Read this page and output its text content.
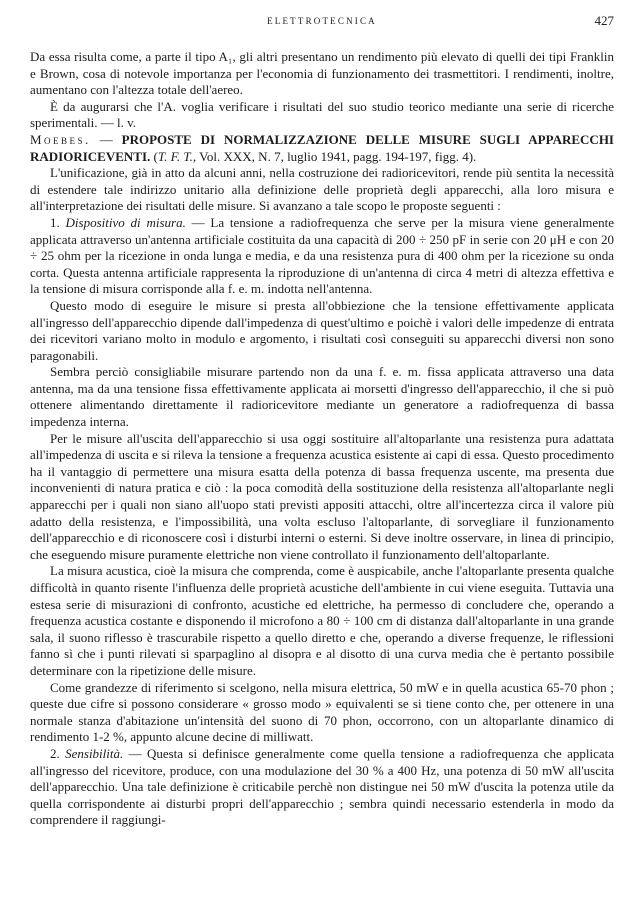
ELETTROTECNICA	427

Da essa risulta come, a parte il tipo A₁, gli altri presentano un rendimento più elevato di quelli dei tipi Franklin e Brown, cosa di notevole importanza per l'economia di funzionamento dei trasmettitori. I rendimenti, inoltre, aumentano con l'altezza totale dell'aereo.

È da augurarsi che l'A. voglia verificare i risultati del suo studio teorico mediante una serie di ricerche sperimentali. — l. v.

Moebes. — PROPOSTE DI NORMALIZZAZIONE DELLE MISURE SUGLI APPARECCHI RADIORICEVENTI. (T. F. T., Vol. XXX, N. 7, luglio 1941, pagg. 194-197, figg. 4).

L'unificazione, già in atto da alcuni anni, nella costruzione dei radioricevitori, rende più sentita la necessità di estendere tale indirizzo unitario alla definizione delle proprietà degli apparecchi, alla loro misura e all'interpretazione dei risultati delle misure. Si avanzano a tale scopo le proposte seguenti :

1. Dispositivo di misura. — La tensione a radiofrequenza che serve per la misura viene generalmente applicata attraverso un'antenna artificiale costituita da una capacità di 200 ÷ 250 pF in serie con 20 μH e con 20 ÷ 25 ohm per la ricezione in onda lunga e media, e da una resistenza pura di 400 ohm per la ricezione su onda corta. Questa antenna artificiale rappresenta la riproduzione di un'antenna di circa 4 metri di altezza effettiva e la tensione di misura corrisponde alla f. e. m. indotta nell'antenna.

Questo modo di eseguire le misure si presta all'obbiezione che la tensione effettivamente applicata all'ingresso dell'apparecchio dipende dall'impedenza di quest'ultimo e poichè i valori delle impedenze di entrata dei ricevitori variano molto in modulo e argomento, i risultati così conseguiti su apparecchi diversi non sono paragonabili.

Sembra perciò consigliabile misurare partendo non da una f. e. m. fissa applicata attraverso una data antenna, ma da una tensione fissa effettivamente applicata ai morsetti d'ingresso dell'apparecchio, il che si può ottenere alimentando direttamente il radioricevitore mediante un generatore a radiofrequenza di bassa impedenza interna.

Per le misure all'uscita dell'apparecchio si usa oggi sostituire all'altoparlante una resistenza pura adattata all'impedenza di uscita e si rileva la tensione a frequenza acustica esistente ai capi di essa. Questo procedimento ha il vantaggio di permettere una misura esatta della potenza di bassa frequenza uscente, ma presenta due inconvenienti di natura pratica e ciò : la poca comodità della sostituzione della resistenza all'altoparlante negli apparecchi per i quali non siano all'uopo stati previsti appositi attacchi, oltre all'incertezza circa il valore più adatto della resistenza, e l'impossibilità, una volta escluso l'altoparlante, di sorvegliare il funzionamento dell'apparecchio e di riconoscere così i disturbi interni o esterni. Si deve inoltre osservare, in linea di principio, che eseguendo misure puramente elettriche non viene controllato il funzionamento dell'altoparlante.

La misura acustica, cioè la misura che comprenda, come è auspicabile, anche l'altoparlante presenta qualche difficoltà in quanto risente l'influenza delle proprietà acustiche dell'ambiente in cui viene eseguita. Tuttavia una estesa serie di misurazioni di confronto, acustiche ed elettriche, ha permesso di concludere che, operando a frequenza acustica costante e disponendo il microfono a 80 ÷ 100 cm di distanza dall'altoparlante in una grande sala, il suono riflesso è trascurabile rispetto a quello diretto e che, operando a diverse frequenze, le riflessioni fanno sì che i punti rilevati si sparpaglino al disopra e al disotto di una curva media che è pertanto possibile determinare con la ripetizione delle misure.

Come grandezze di riferimento si scelgono, nella misura elettrica, 50 mW e in quella acustica 65-70 phon ; queste due cifre si possono considerare « grosso modo » equivalenti se si tiene conto che, per ottenere in una normale stanza d'abitazione un'intensità del suono di 70 phon, occorrono, con un altoparlante dinamico di rendimento 1-2 %, appunto alcune decine di milliwatt.

2. Sensibilità. — Questa si definisce generalmente come quella tensione a radiofrequenza che applicata all'ingresso del ricevitore, produce, con una modulazione del 30 % a 400 Hz, una potenza di 50 mW all'uscita dell'apparecchio. Una tale definizione è criticabile perchè non distingue nei 50 mW d'uscita la potenza utile da quella corrispondente ai disturbi propri dell'apparecchio ; sembra quindi necessario estenderla in modo da comprendere il raggiungi-
